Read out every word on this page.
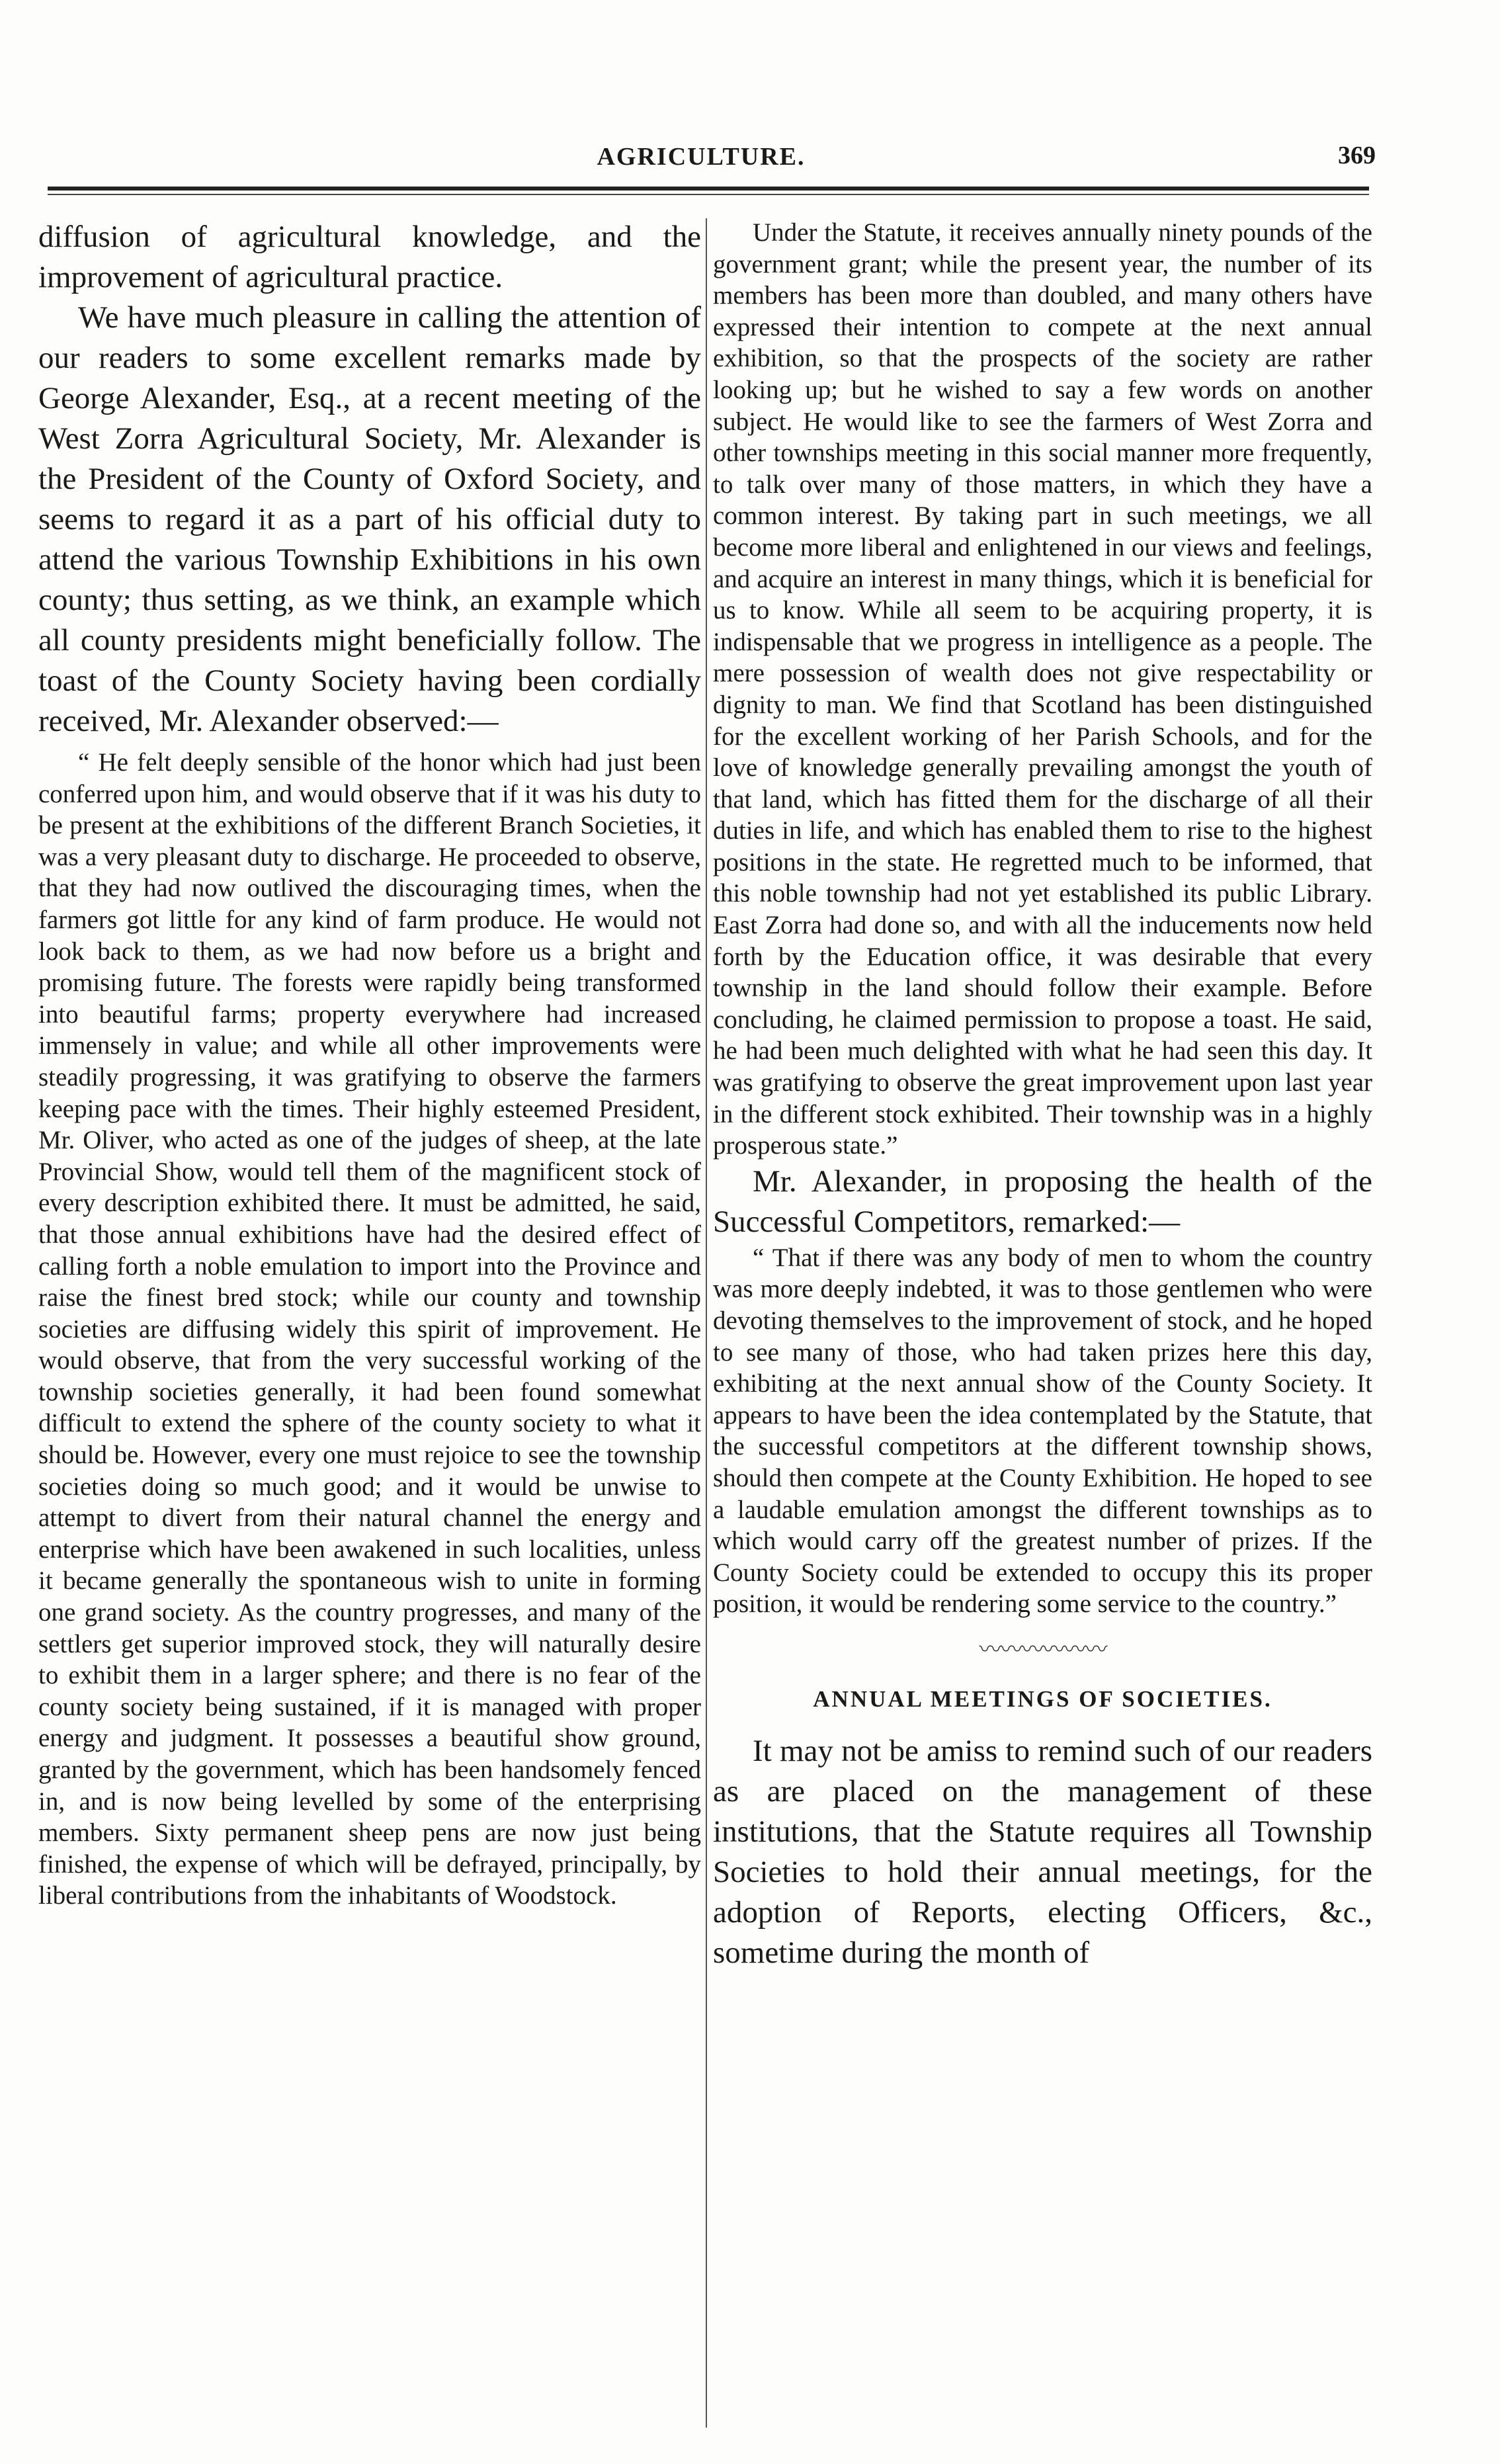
AGRICULTURE.	369

diffusion of agricultural knowledge, and the improvement of agricultural practice.

We have much pleasure in calling the attention of our readers to some excellent remarks made by George Alexander, Esq., at a recent meeting of the West Zorra Agricultural Society, Mr. Alexander is the President of the County of Oxford Society, and seems to regard it as a part of his official duty to attend the various Township Exhibitions in his own county; thus setting, as we think, an example which all county presidents might beneficially follow. The toast of the County Society having been cordially received, Mr. Alexander observed:—

“ He felt deeply sensible of the honor which had just been conferred upon him, and would observe that if it was his duty to be present at the exhibitions of the different Branch Societies, it was a very pleasant duty to discharge. He proceeded to observe, that they had now outlived the discouraging times, when the farmers got little for any kind of farm produce. He would not look back to them, as we had now before us a bright and promising future. The forests were rapidly being transformed into beautiful farms; property everywhere had increased immensely in value; and while all other improvements were steadily progressing, it was gratifying to observe the farmers keeping pace with the times. Their highly esteemed President, Mr. Oliver, who acted as one of the judges of sheep, at the late Provincial Show, would tell them of the magnificent stock of every description exhibited there. It must be admitted, he said, that those annual exhibitions have had the desired effect of calling forth a noble emulation to import into the Province and raise the finest bred stock; while our county and township societies are diffusing widely this spirit of improvement. He would observe, that from the very successful working of the township societies generally, it had been found somewhat difficult to extend the sphere of the county society to what it should be. However, every one must rejoice to see the township societies doing so much good; and it would be unwise to attempt to divert from their natural channel the energy and enterprise which have been awakened in such localities, unless it became generally the spontaneous wish to unite in forming one grand society. As the country progresses, and many of the settlers get superior improved stock, they will naturally desire to exhibit them in a larger sphere; and there is no fear of the county society being sustained, if it is managed with proper energy and judgment. It possesses a beautiful show ground, granted by the government, which has been handsomely fenced in, and is now being levelled by some of the enterprising members. Sixty permanent sheep pens are now just being finished, the expense of which will be defrayed, principally, by liberal contributions from the inhabitants of Woodstock.

Under the Statute, it receives annually ninety pounds of the government grant; while the present year, the number of its members has been more than doubled, and many others have expressed their intention to compete at the next annual exhibition, so that the prospects of the society are rather looking up; but he wished to say a few words on another subject. He would like to see the farmers of West Zorra and other townships meeting in this social manner more frequently, to talk over many of those matters, in which they have a common interest. By taking part in such meetings, we all become more liberal and enlightened in our views and feelings, and acquire an interest in many things, which it is beneficial for us to know. While all seem to be acquiring property, it is indispensable that we progress in intelligence as a people. The mere possession of wealth does not give respectability or dignity to man. We find that Scotland has been distinguished for the excellent working of her Parish Schools, and for the love of knowledge generally prevailing amongst the youth of that land, which has fitted them for the discharge of all their duties in life, and which has enabled them to rise to the highest positions in the state. He regretted much to be informed, that this noble township had not yet established its public Library. East Zorra had done so, and with all the inducements now held forth by the Education office, it was desirable that every township in the land should follow their example. Before concluding, he claimed permission to propose a toast. He said, he had been much delighted with what he had seen this day. It was gratifying to observe the great improvement upon last year in the different stock exhibited. Their township was in a highly prosperous state.”

Mr. Alexander, in proposing the health of the Successful Competitors, remarked:—

“ That if there was any body of men to whom the country was more deeply indebted, it was to those gentlemen who were devoting themselves to the improvement of stock, and he hoped to see many of those, who had taken prizes here this day, exhibiting at the next annual show of the County Society. It appears to have been the idea contemplated by the Statute, that the successful competitors at the different township shows, should then compete at the County Exhibition. He hoped to see a laudable emulation amongst the different townships as to which would carry off the greatest number of prizes. If the County Society could be extended to occupy this its proper position, it would be rendering some service to the country.”

〰〰〰〰〰〰
ANNUAL MEETINGS OF SOCIETIES.

It may not be amiss to remind such of our readers as are placed on the management of these institutions, that the Statute requires all Township Societies to hold their annual meetings, for the adoption of Reports, electing Officers, &c., sometime during the month of
